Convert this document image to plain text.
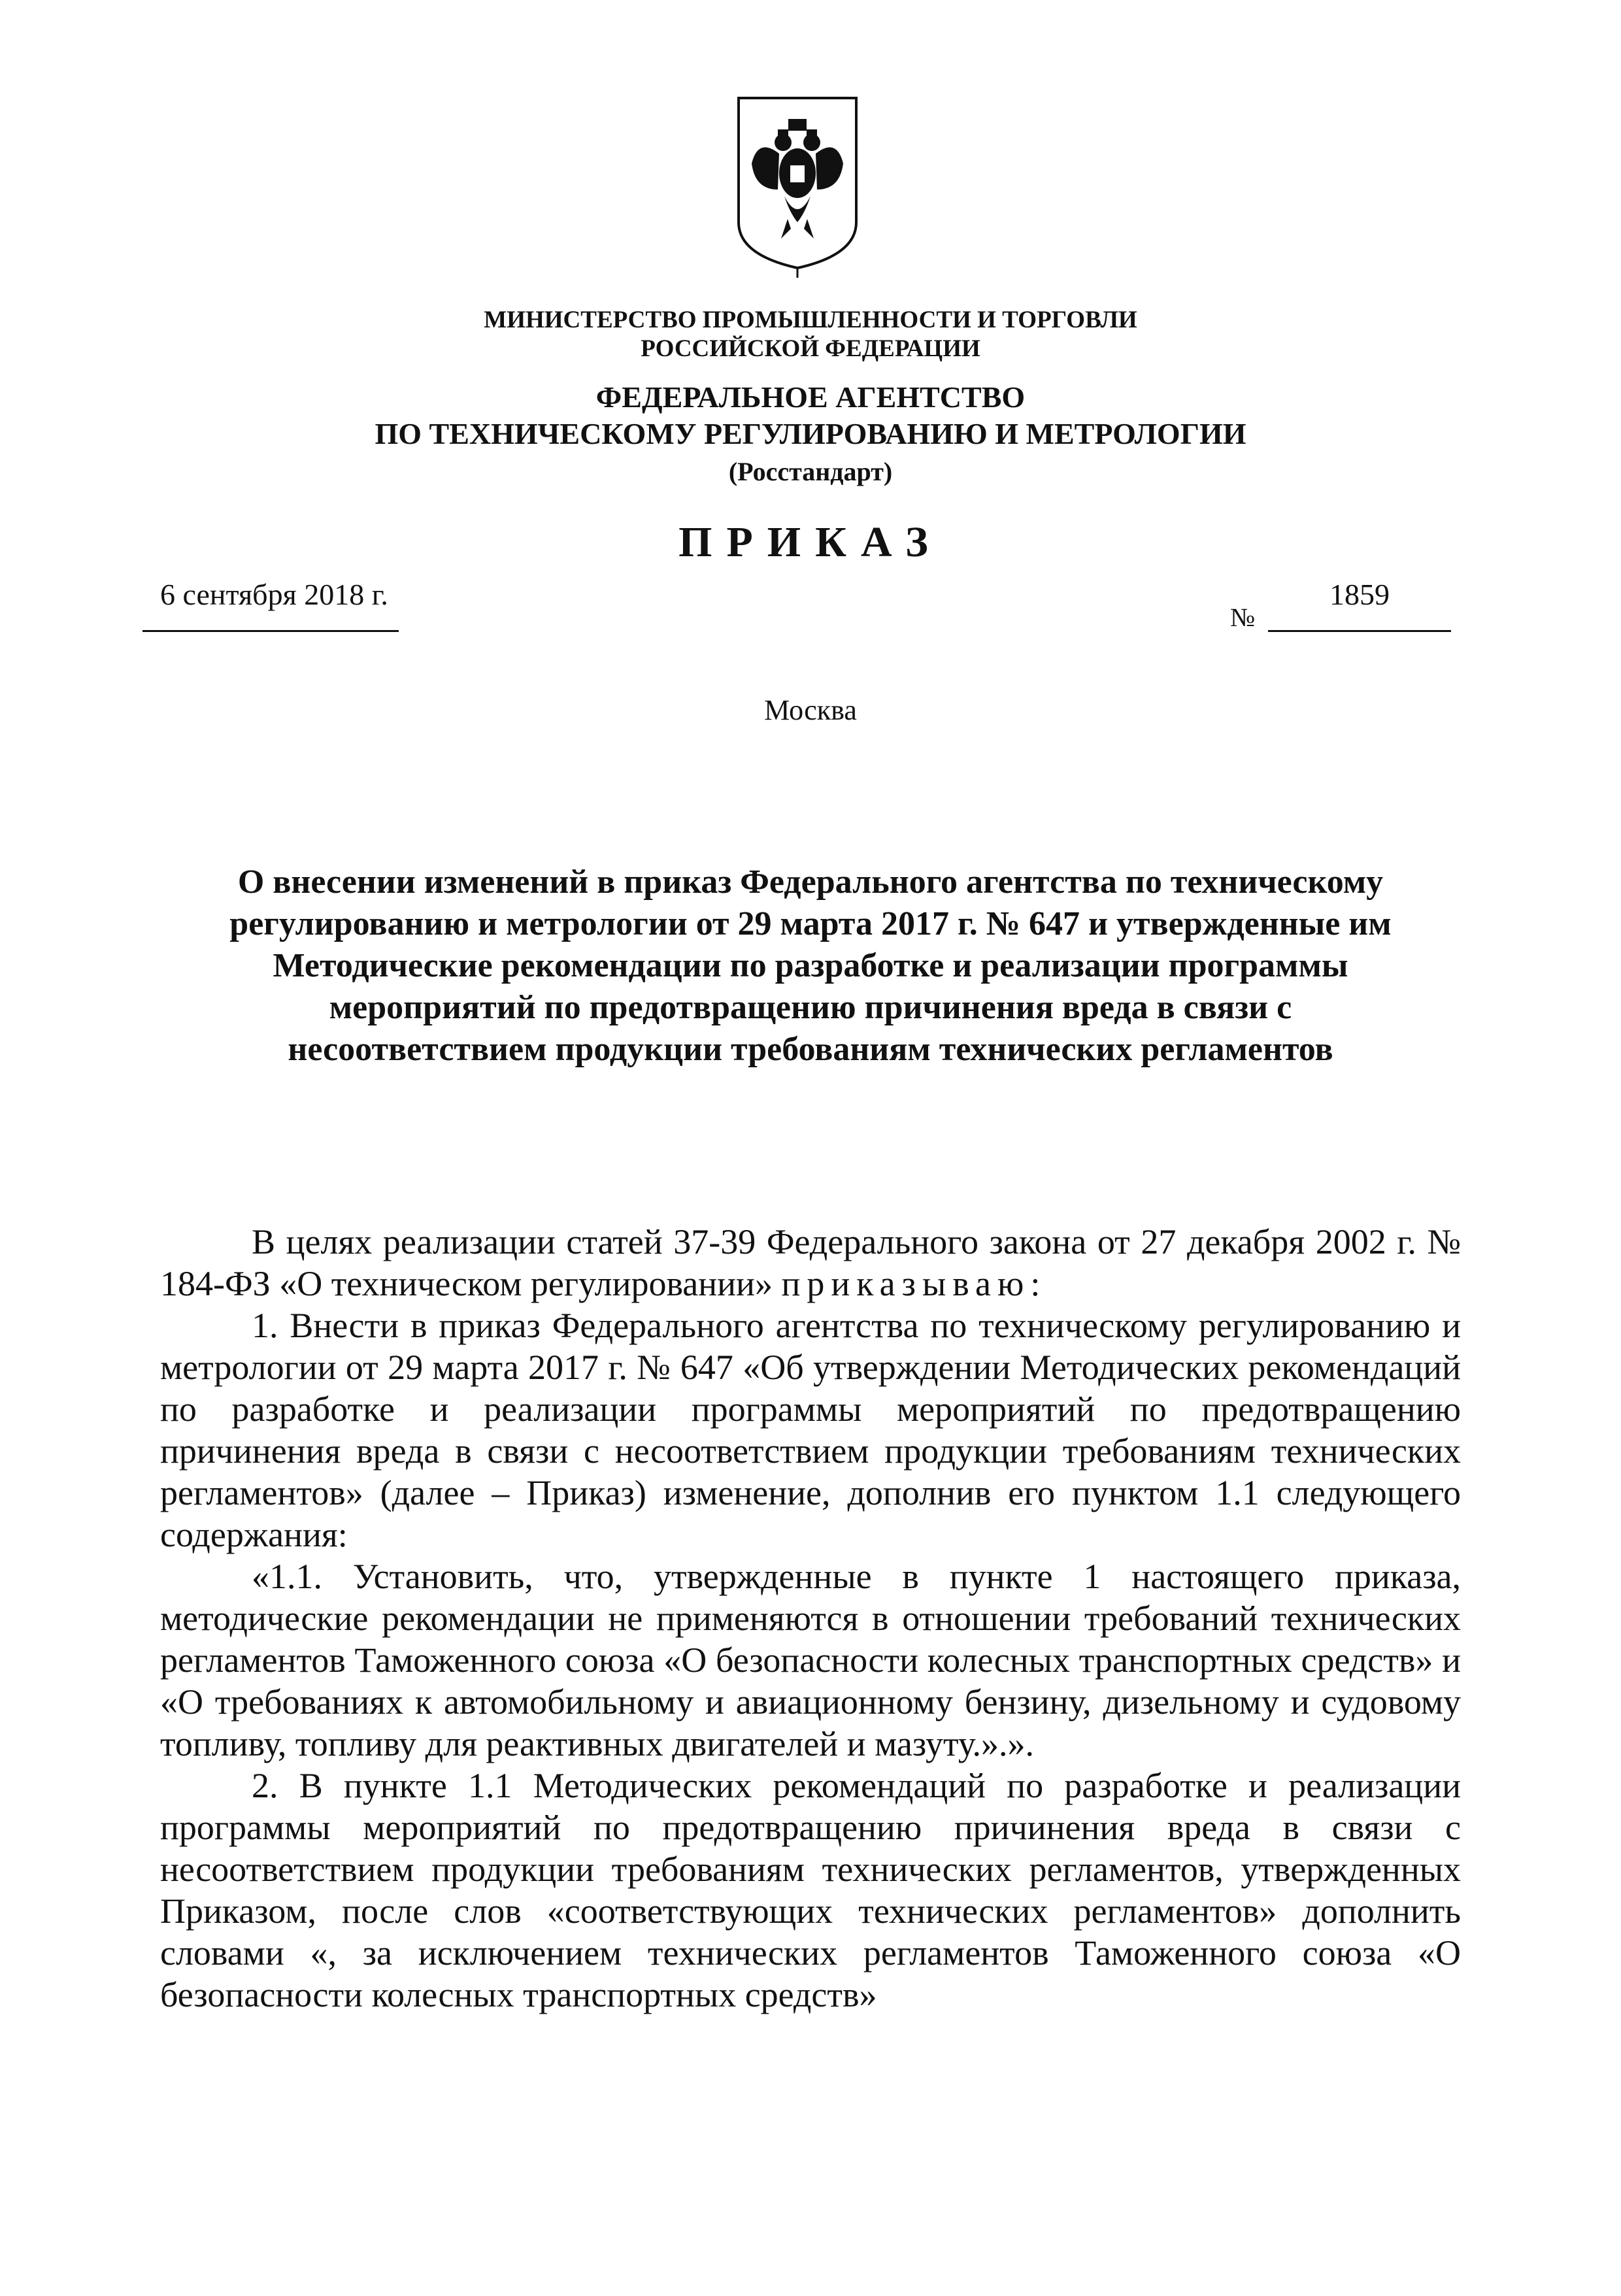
МИНИСТЕРСТВО ПРОМЫШЛЕННОСТИ И ТОРГОВЛИ
РОССИЙСКОЙ ФЕДЕРАЦИИ

ФЕДЕРАЛЬНОЕ АГЕНТСТВО
ПО ТЕХНИЧЕСКОМУ РЕГУЛИРОВАНИЮ И МЕТРОЛОГИИ
(Росстандарт)

ПРИКАЗ

6 сентября 2018 г.
№
1859
Москва

О внесении изменений в приказ Федерального агентства по техническому регулированию и метрологии от 29 марта 2017 г. № 647 и утвержденные им Методические рекомендации по разработке и реализации программы мероприятий по предотвращению причинения вреда в связи с несоответствием продукции требованиям технических регламентов

В целях реализации статей 37-39 Федерального закона от 27 декабря 2002 г. № 184-ФЗ «О техническом регулировании» приказываю:

1. Внести в приказ Федерального агентства по техническому регулированию и метрологии от 29 марта 2017 г. № 647 «Об утверждении Методических рекомендаций по разработке и реализации программы мероприятий по предотвращению причинения вреда в связи с несоответствием продукции требованиям технических регламентов» (далее – Приказ) изменение, дополнив его пунктом 1.1 следующего содержания:

«1.1. Установить, что, утвержденные в пункте 1 настоящего приказа, методические рекомендации не применяются в отношении требований технических регламентов Таможенного союза «О безопасности колесных транспортных средств» и «О требованиях к автомобильному и авиационному бензину, дизельному и судовому топливу, топливу для реактивных двигателей и мазуту.».».

2. В пункте 1.1 Методических рекомендаций по разработке и реализации программы мероприятий по предотвращению причинения вреда в связи с несоответствием продукции требованиям технических регламентов, утвержденных Приказом, после слов «соответствующих технических регламентов» дополнить словами «, за исключением технических регламентов Таможенного союза «О безопасности колесных транспортных средств»
